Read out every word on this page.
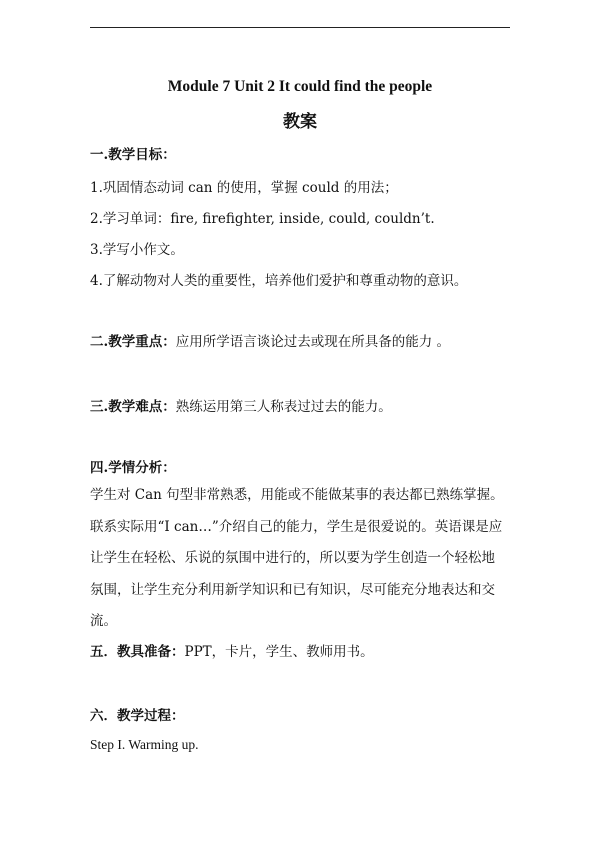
Module 7 Unit 2 It could find the people
教案
一.教学目标：
1.巩固情态动词 can 的使用，掌握 could 的用法；
2.学习单词：fire, firefighter, inside, could, couldn’t.
3.学写小作文。
4.了解动物对人类的重要性，培养他们爱护和尊重动物的意识。
二.教学重点：应用所学语言谈论过去或现在所具备的能力 。
三.教学难点：熟练运用第三人称表过过去的能力。
四.学情分析：
学生对 Can 句型非常熟悉，用能或不能做某事的表达都已熟练掌握。
联系实际用“I can…”介绍自己的能力，学生是很爱说的。英语课是应
让学生在轻松、乐说的氛围中进行的，所以要为学生创造一个轻松地
氛围，让学生充分利用新学知识和已有知识，尽可能充分地表达和交
流。
五．教具准备：PPT，卡片，学生、教师用书。
六．教学过程：
Step I. Warming up.
